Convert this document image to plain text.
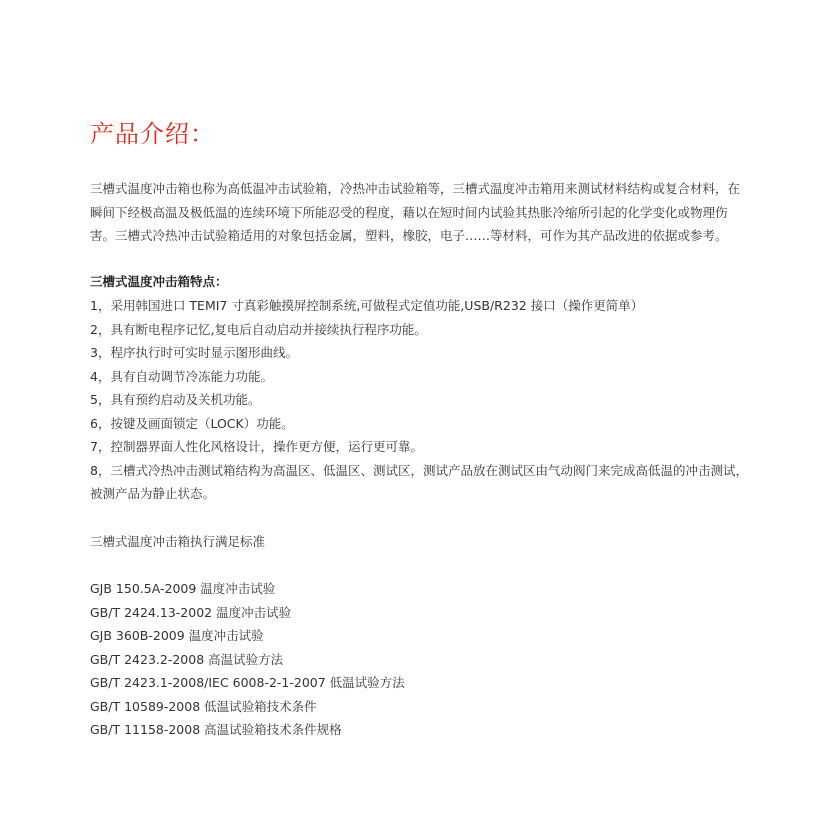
产品介绍：

三槽式温度冲击箱也称为高低温冲击试验箱，冷热冲击试验箱等，三槽式温度冲击箱用来测试材料结构或复合材料，在瞬间下经极高温及极低温的连续环境下所能忍受的程度，藉以在短时间内试验其热胀冷缩所引起的化学变化或物理伤害。三槽式冷热冲击试验箱适用的对象包括金属，塑料，橡胶，电子……等材料，可作为其产品改进的依据或参考。

三槽式温度冲击箱特点：

1，采用韩国进口 TEMI7 寸真彩触摸屏控制系统,可做程式定值功能,USB/R232 接口（操作更简单）
2，具有断电程序记忆,复电后自动启动并接续执行程序功能。
3，程序执行时可实时显示图形曲线。
4，具有自动调节冷冻能力功能。
5，具有预约启动及关机功能。
6，按键及画面锁定（LOCK）功能。
7，控制器界面人性化风格设计，操作更方便，运行更可靠。
8，三槽式冷热冲击测试箱结构为高温区、低温区、测试区，测试产品放在测试区由气动阀门来完成高低温的冲击测试，被测产品为静止状态。

三槽式温度冲击箱执行满足标准

GJB 150.5A-2009 温度冲击试验
GB/T 2424.13-2002 温度冲击试验
GJB 360B-2009 温度冲击试验
GB/T 2423.2-2008 高温试验方法
GB/T 2423.1-2008/IEC 6008-2-1-2007 低温试验方法
GB/T 10589-2008 低温试验箱技术条件
GB/T 11158-2008 高温试验箱技术条件规格
